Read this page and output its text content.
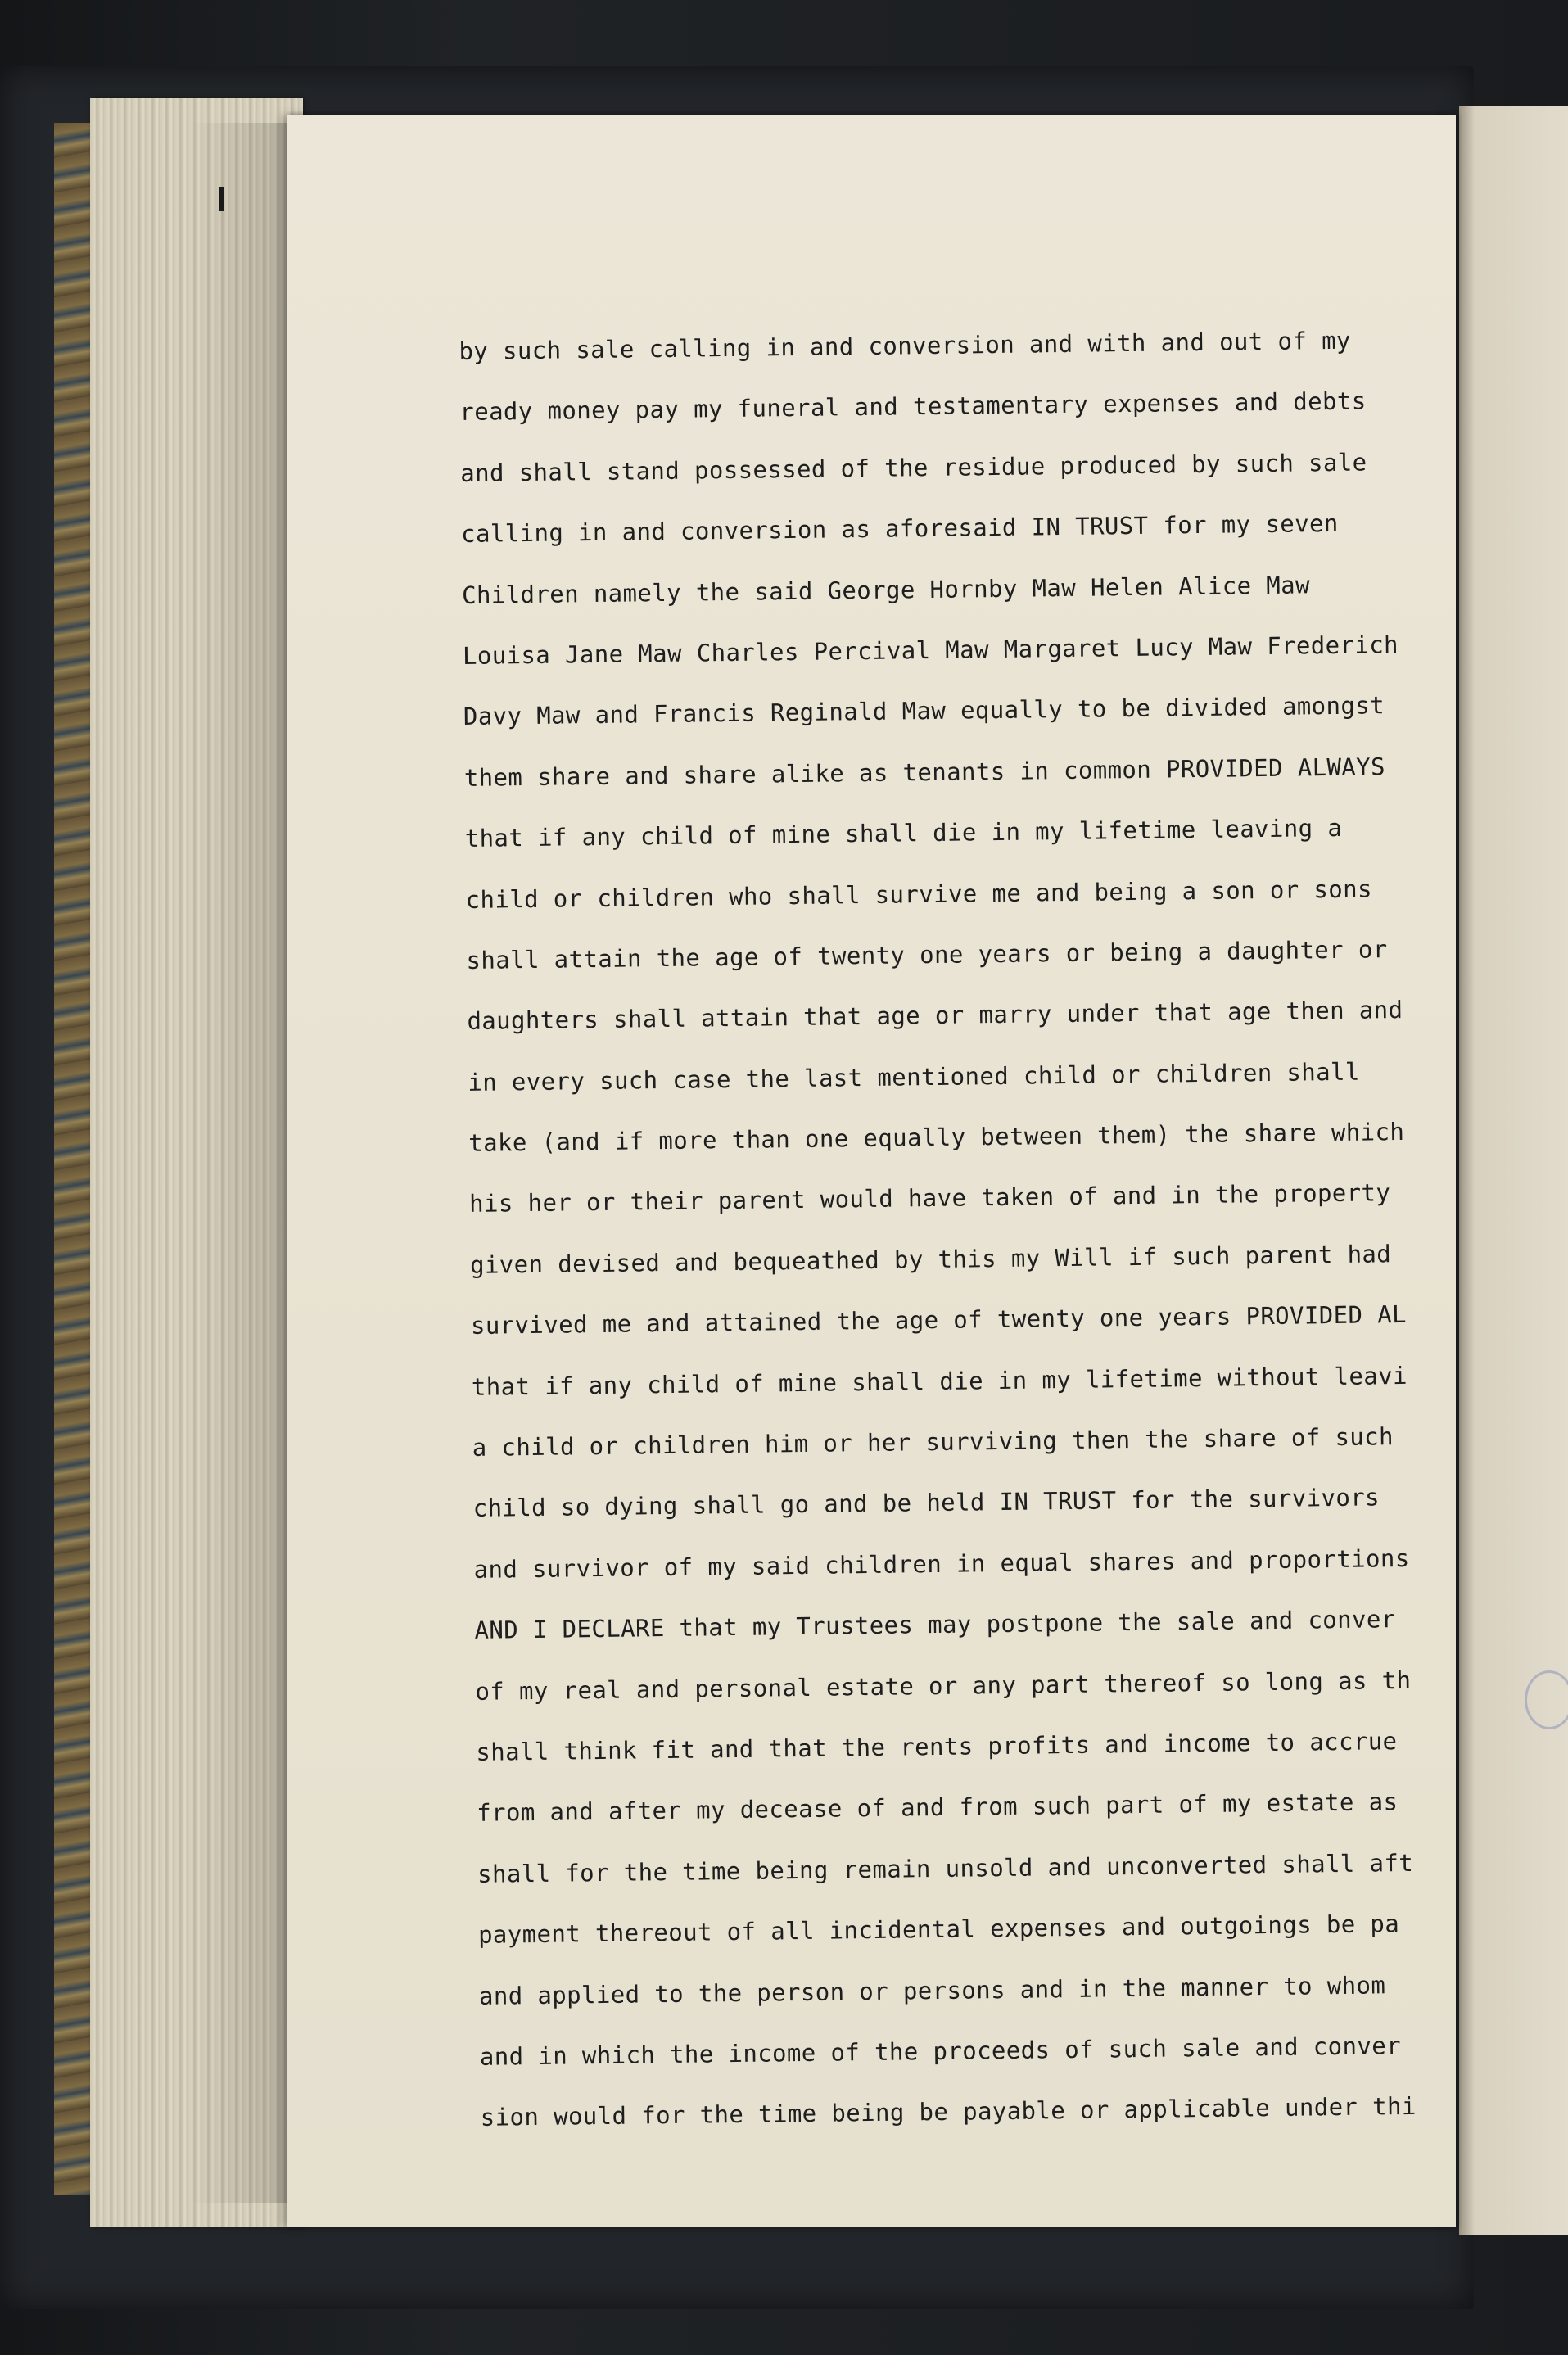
by such sale calling in and conversion and with and out of my
ready money pay my funeral and testamentary expenses and debts
and shall stand possessed of the residue produced by such sale
calling in and conversion as aforesaid IN TRUST for my seven
Children namely the said George Hornby Maw Helen Alice Maw
Louisa Jane Maw Charles Percival Maw Margaret Lucy Maw Frederich
Davy Maw and Francis Reginald Maw equally to be divided amongst
them share and share alike as tenants in common PROVIDED ALWAYS
that if any child of mine shall die in my lifetime leaving a
child or children who shall survive me and being a son or sons
shall attain the age of twenty one years or being a daughter or
daughters shall attain that age or marry under that age then and
in every such case the last mentioned child or children shall
take (and if more than one equally between them) the share which
his her or their parent would have taken of and in the property
given devised and bequeathed by this my Will if such parent had
survived me and attained the age of twenty one years PROVIDED AL
that if any child of mine shall die in my lifetime without leavi
a child or children him or her surviving then the share of such
child so dying shall go and be held IN TRUST for the survivors
and survivor of my said children in equal shares and proportions
AND I DECLARE that my Trustees may postpone the sale and conver
of my real and personal estate or any part thereof so long as th
shall think fit and that the rents profits and income to accrue
from and after my decease of and from such part of my estate as
shall for the time being remain unsold and unconverted shall aft
payment thereout of all incidental expenses and outgoings be pa
and applied to the person or persons and in the manner to whom
and in which the income of the proceeds of such sale and conver
sion would for the time being be payable or applicable under thi
